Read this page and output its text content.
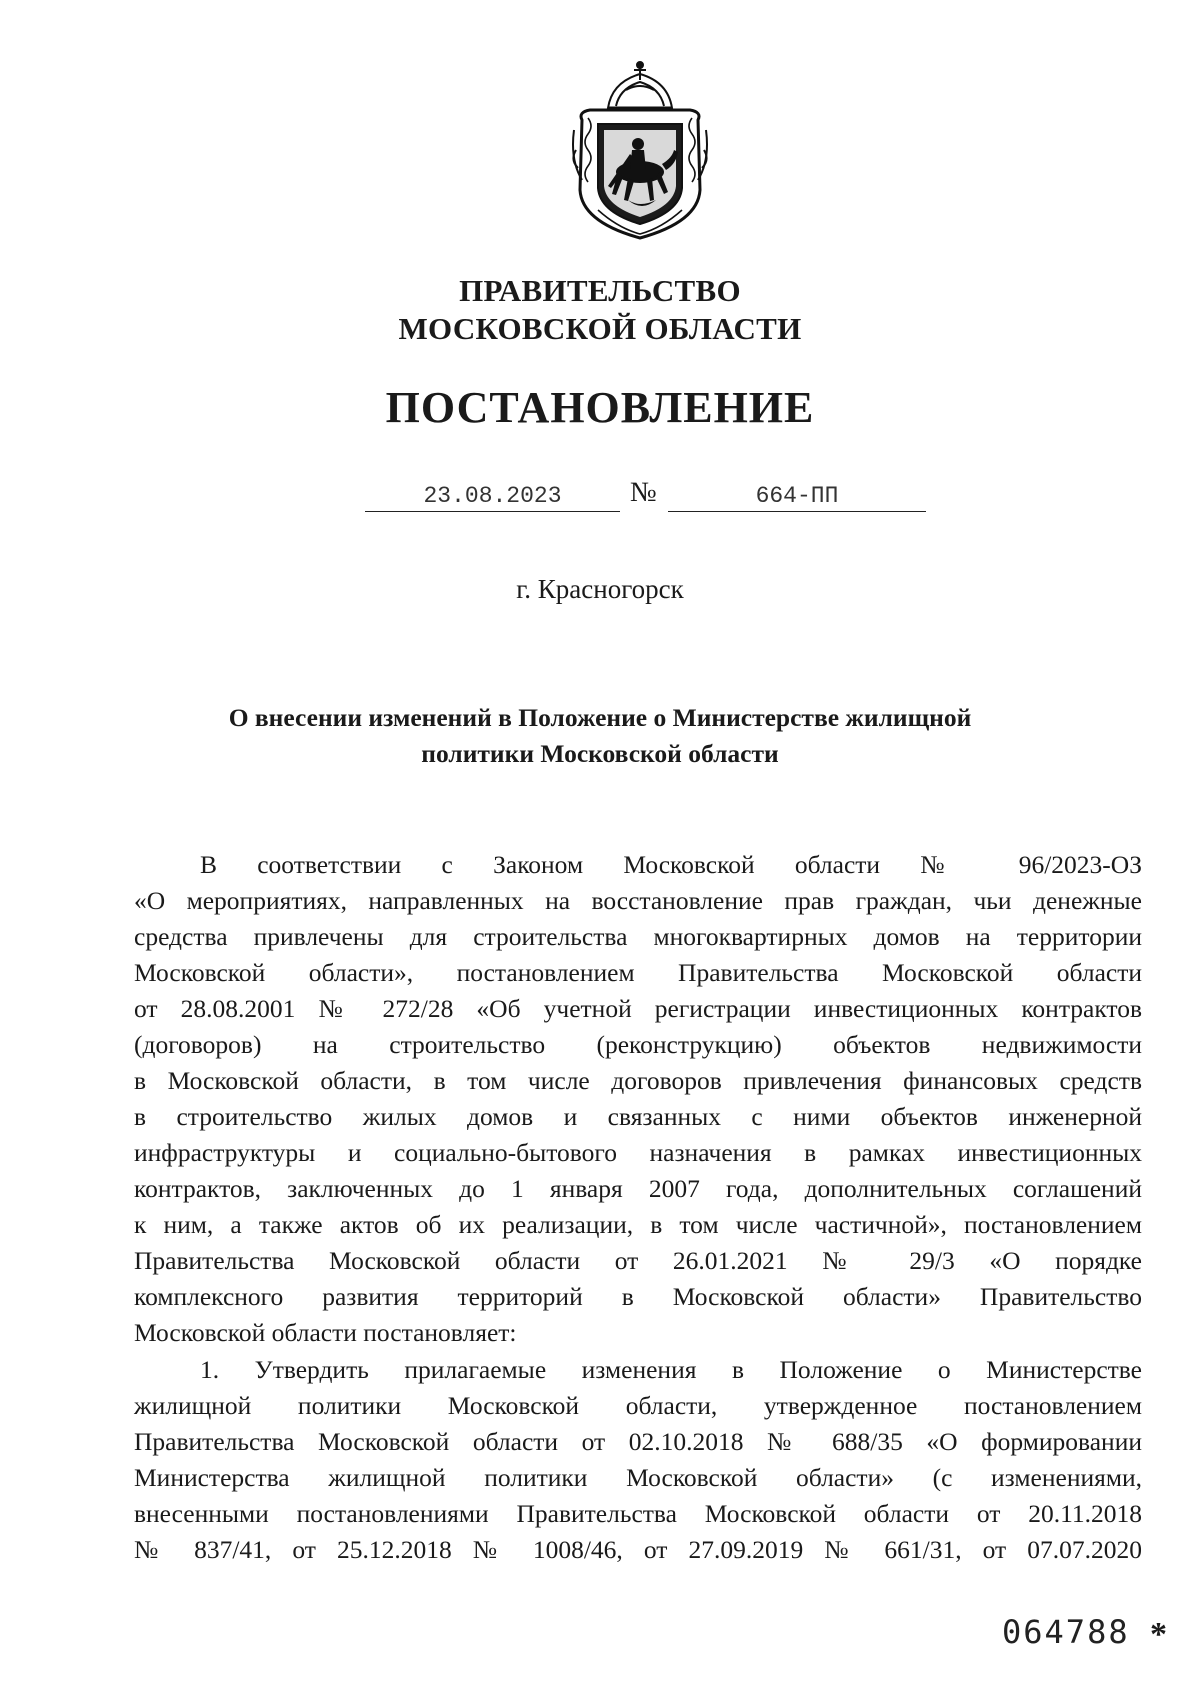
ПРАВИТЕЛЬСТВО
МОСКОВСКОЙ ОБЛАСТИ
ПОСТАНОВЛЕНИЕ
23.08.2023	№	664-ПП
г. Красногорск
О внесении изменений в Положение о Министерстве жилищной
политики Московской области
В соответствии с Законом Московской области № 96/2023-ОЗ
«О мероприятиях, направленных на восстановление прав граждан, чьи денежные
средства привлечены для строительства многоквартирных домов на территории
Московской области», постановлением Правительства Московской области
от 28.08.2001 № 272/28 «Об учетной регистрации инвестиционных контрактов
(договоров) на строительство (реконструкцию) объектов недвижимости
в Московской области, в том числе договоров привлечения финансовых средств
в строительство жилых домов и связанных с ними объектов инженерной
инфраструктуры и социально-бытового назначения в рамках инвестиционных
контрактов, заключенных до 1 января 2007 года, дополнительных соглашений
к ним, а также актов об их реализации, в том числе частичной», постановлением
Правительства Московской области от 26.01.2021 № 29/3 «О порядке
комплексного развития территорий в Московской области» Правительство
Московской области постановляет:
1. Утвердить прилагаемые изменения в Положение о Министерстве
жилищной политики Московской области, утвержденное постановлением
Правительства Московской области от 02.10.2018 № 688/35 «О формировании
Министерства жилищной политики Московской области» (с изменениями,
внесенными постановлениями Правительства Московской области от 20.11.2018
№ 837/41, от 25.12.2018 № 1008/46, от 27.09.2019 № 661/31, от 07.07.2020
064788 *
